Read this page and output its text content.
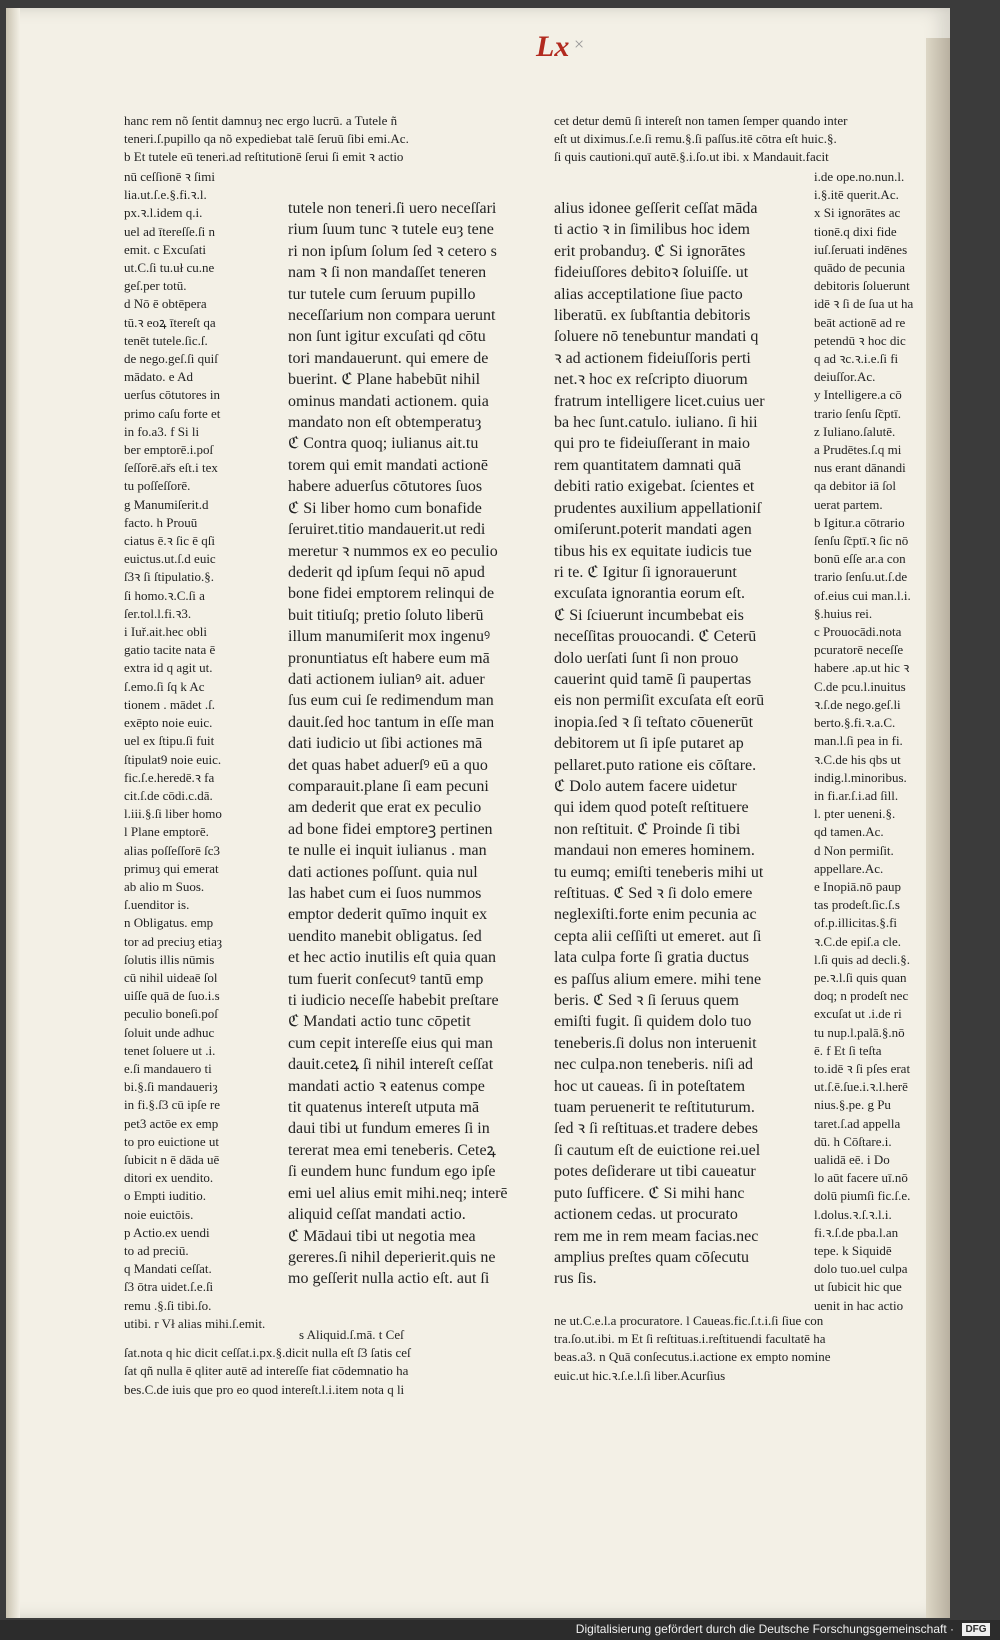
Lx ×

hanc rem nõ ſentit damnuȝ nec ergo lucrū. a Tutele ñ

teneri.ſ.pupillo qa nõ expediebat talē ſeruū ſibi emi.Ac.

b Et tutele eū teneri.ad reſtitutionē ſerui ſi emit ꝛ actio

cet detur demū ſi intereſt non tamen ſemper quando inter

eſt ut diximus.ſ.e.ſi remu.§.ſi paſſus.itē cōtra eſt huic.§.

ſi quis cautioni.quī autē.§.i.ſo.ut ibi. x Mandauit.facit

nū ceſſionē ꝛ ſimi

lia.ut.ſ.e.§.fi.ꝛ.l.

px.ꝛ.l.idem q.i.

uel ad ītereſſe.ſi n

emit. c Excuſati

ut.C.ſi tu.uł cu.ne

geſ.per totū.

d Nō ē obtēpera

tū.ꝛ eoꝝ ītereſt qa

tenēt tutele.ſic.ſ.

de nego.geſ.ſi quiſ

mādato. e Ad

uerſus cōtutores in

primo caſu forte et

in fo.a3. f Si li

ber emptorē.i.poſ

ſeſſorē.ařs eſt.i tex

tu poſſeſſorē.

g Manumiſerit.d

facto. h Prouū

ciatus ē.ꝛ ſic ē qſi

euictus.ut.ſ.d euic

ſ3ꝛ ſi ſtipulatio.§.

ſi homo.ꝛ.C.ſi a

ſer.tol.l.fi.ꝛ3.

i Iuř.ait.hec obli

gatio tacite nata ē

extra id q agit ut.

ſ.emo.ſi ſq k Ac

tionem . mādet .ſ.

exēpto noie euic.

uel ex ſtipu.ſi fuit

ſtipulat9 noie euic.

fic.ſ.e.heredē.ꝛ fa

cit.ſ.de cōdi.c.dā.

l.iii.§.ſi liber homo

l Plane emptorē.

alias poſſeſſorē ſc3

primuȝ qui emerat

ab alio m Suos.

ſ.uenditor is.

n Obligatus. emp

tor ad preciuȝ etiaȝ

ſolutis illis nūmis

cū nihil uideaē ſol

uiſſe quā de ſuo.i.s

peculio boneſi.poſ

ſoluit unde adhuc

tenet ſoluere ut .i.

e.ſi mandauero ti

bi.§.ſi mandaueriȝ

in fi.§.ſ3 cū ipſe re

pet3 actōe ex emp

to pro euictione ut

ſubicit n ē dāda uē

ditori ex uendito.

o Empti iuditio.

noie euictōis.

p Actio.ex uendi

to ad preciū.

q Mandati ceſſat.

ſ3 ōtra uidet.ſ.e.ſi

remu .§.ſi tibi.ſo.

utibi. r Vł alias mihi.ſ.emit.

tutele non teneri.ſi uero neceſſari

rium ſuum tunc ꝛ tutele euȝ tene

ri non ipſum ſolum ſed ꝛ cetero s

nam ꝛ ſi non mandaſſet teneren

tur tutele cum ſeruum pupillo

neceſſarium non compara uerunt

non ſunt igitur excuſati qd cōtu

tori mandauerunt. qui emere de

buerint. ℭ Plane habebūt nihil

ominus mandati actionem. quia

mandato non eſt obtemperatuȝ

ℭ Contra quoq; iulianus ait.tu

torem qui emit mandati actionē

habere aduerſus cōtutores ſuos

ℭ Si liber homo cum bonafide

ſeruiret.titio mandauerit.ut redi

meretur ꝛ nummos ex eo peculio

dederit qd ipſum ſequi nō apud

bone fidei emptorem relinqui de

buit titiuſq; pretio ſoluto liberū

illum manumiſerit mox ingenuꝰ

pronuntiatus eſt habere eum mā

dati actionem iulianꝰ ait. aduer

ſus eum cui ſe redimendum man

dauit.ſed hoc tantum in eſſe man

dati iudicio ut ſibi actiones mā

det quas habet aduerſꝰ eū a quo

comparauit.plane ſi eam pecuni

am dederit que erat ex peculio

ad bone fidei emptoreꝫ pertinen

te nulle ei inquit iulianus . man

dati actiones poſſunt. quia nul

las habet cum ei ſuos nummos

emptor dederit quīmo inquit ex

uendito manebit obligatus. ſed

et hec actio inutilis eſt quia quan

tum fuerit conſecutꝰ tantū emp

ti iudicio neceſſe habebit preſtare

ℭ Mandati actio tunc cōpetit

cum cepit intereſſe eius qui man

dauit.ceteꝝ ſi nihil intereſt ceſſat

mandati actio ꝛ eatenus compe

tit quatenus intereſt utputa mā

daui tibi ut fundum emeres ſi in

tererat mea emi teneberis. Ceteꝝ

ſi eundem hunc fundum ego ipſe

emi uel alius emit mihi.neq; interē

aliquid ceſſat mandati actio.

ℭ Mādaui tibi ut negotia mea

gereres.ſi nihil deperierit.quis ne

mo geſſerit nulla actio eſt. aut ſi

alius idonee geſſerit ceſſat māda

ti actio ꝛ in ſimilibus hoc idem

erit probanduȝ. ℭ Si ignorātes

fideiuſſores debitoꝛ ſoluiſſe. ut

alias acceptilatione ſiue pacto

liberatū. ex ſubſtantia debitoris

ſoluere nō tenebuntur mandati q

ꝛ ad actionem fideiuſſoris perti

net.ꝛ hoc ex reſcripto diuorum

fratrum intelligere licet.cuius uer

ba hec ſunt.catulo. iuliano. ſi hii

qui pro te fideiuſſerant in maio

rem quantitatem damnati quā

debiti ratio exigebat. ſcientes et

prudentes auxilium appellationiſ

omiſerunt.poterit mandati agen

tibus his ex equitate iudicis tue

ri te. ℭ Igitur ſi ignorauerunt

excuſata ignorantia eorum eſt.

ℭ Si ſciuerunt incumbebat eis

neceſſitas prouocandi. ℭ Ceterū

dolo uerſati ſunt ſi non prouo

cauerint quid tamē ſi paupertas

eis non permiſit excuſata eſt eorū

inopia.ſed ꝛ ſi teſtato cōuenerūt

debitorem ut ſi ipſe putaret ap

pellaret.puto ratione eis cōſtare.

ℭ Dolo autem facere uidetur

qui idem quod poteſt reſtituere

non reſtituit. ℭ Proinde ſi tibi

mandaui non emeres hominem.

tu eumq; emiſti teneberis mihi ut

reſtituas. ℭ Sed ꝛ ſi dolo emere

neglexiſti.forte enim pecunia ac

cepta alii ceſſiſti ut emeret. aut ſi

lata culpa forte ſi gratia ductus

es paſſus alium emere. mihi tene

beris. ℭ Sed ꝛ ſi ſeruus quem

emiſti fugit. ſi quidem dolo tuo

teneberis.ſi dolus non interuenit

nec culpa.non teneberis. niſi ad

hoc ut caueas. ſi in poteſtatem

tuam peruenerit te reſtituturum.

ſed ꝛ ſi reſtituas.et tradere debes

ſi cautum eſt de euictione rei.uel

potes deſiderare ut tibi caueatur

puto ſufficere. ℭ Si mihi hanc

actionem cedas. ut procurato

rem me in rem meam facias.nec

amplius preſtes quam cōſecutu

rus ſis.

i.de ope.no.nun.l.

i.§.itē querit.Ac.

x Si ignorātes ac

tionē.q dixi fide

iuſ.ſeruati indēnes

quādo de pecunia

debitoris ſoluerunt

idē ꝛ ſi de ſua ut ha

beāt actionē ad re

petendū ꝛ hoc dic

q ad ꝛc.ꝛ.i.e.ſi fi

deiuſſor.Ac.

y Intelligere.a cō

trario ſenſu ſ̃cptī.

z Iuliano.ſalutē.

a Prudētes.ſ.q mi

nus erant dānandi

qa debitor iā ſol

uerat partem.

b Igitur.a cōtrario

ſenſu ſ̃cptī.ꝛ ſic nō

bonū eſſe ar.a con

trario ſenſu.ut.ſ.de

of.eius cui man.l.i.

§.huius rei.

c Prouocādi.nota

pcuratorē neceſſe

habere .ap.ut hic ꝛ

C.de pcu.l.inuitus

ꝛ.ſ.de nego.geſ.li

berto.§.fi.ꝛ.a.C.

man.l.ſi pea in fi.

ꝛ.C.de his qbs ut

indig.l.minoribus.

in fi.ar.ſ.i.ad ſill.

l. pter ueneni.§.

qd tamen.Ac.

d Non permiſit.

appellare.Ac.

e Inopiā.nō paup

tas prodeſt.ſic.ſ.s

of.p.illicitas.§.fi

ꝛ.C.de epiſ.a cle.

l.ſi quis ad decli.§.

pe.ꝛ.l.ſi quis quan

doq; n prodeſt nec

excuſat ut .i.de ri

tu nup.l.palā.§.nō

ē. f Et ſi teſta

to.idē ꝛ ſi pſes erat

ut.ſ.ē.ſue.i.ꝛ.l.herē

nius.§.pe. g Pu

taret.ſ.ad appella

dū. h Cōſtare.i.

ualidā eē. i Do

lo aūt facere uī.nō

dolū piumſi fic.ſ.e.

l.dolus.ꝛ.ſ.ꝛ.l.i.

fi.ꝛ.ſ.de pba.l.an

tepe. k Siquidē

dolo tuo.uel culpa

ut ſubicit hic que

uenit in hac actio

s Aliquid.ſ.mā. t Ceſ

ſat.nota q hic dicit ceſſat.i.px.§.dicit nulla eſt ſ3 ſatis ceſ

ſat qñ nulla ē qliter autē ad intereſſe fiat cōdemnatio ha

bes.C.de iuis que pro eo quod intereſt.l.i.item nota q li

ne ut.C.e.l.a procuratore. l Caueas.fic.ſ.t.i.ſi ſiue con

tra.ſo.ut.ibi. m Et ſi reſtituas.i.reſtituendi facultatē ha

beas.a3. n Quā conſecutus.i.actione ex empto nomine

euic.ut hic.ꝛ.ſ.e.l.ſi liber.Acurſius

Digitalisierung gefördert durch die Deutsche Forschungsgemeinschaft ·	DFG
